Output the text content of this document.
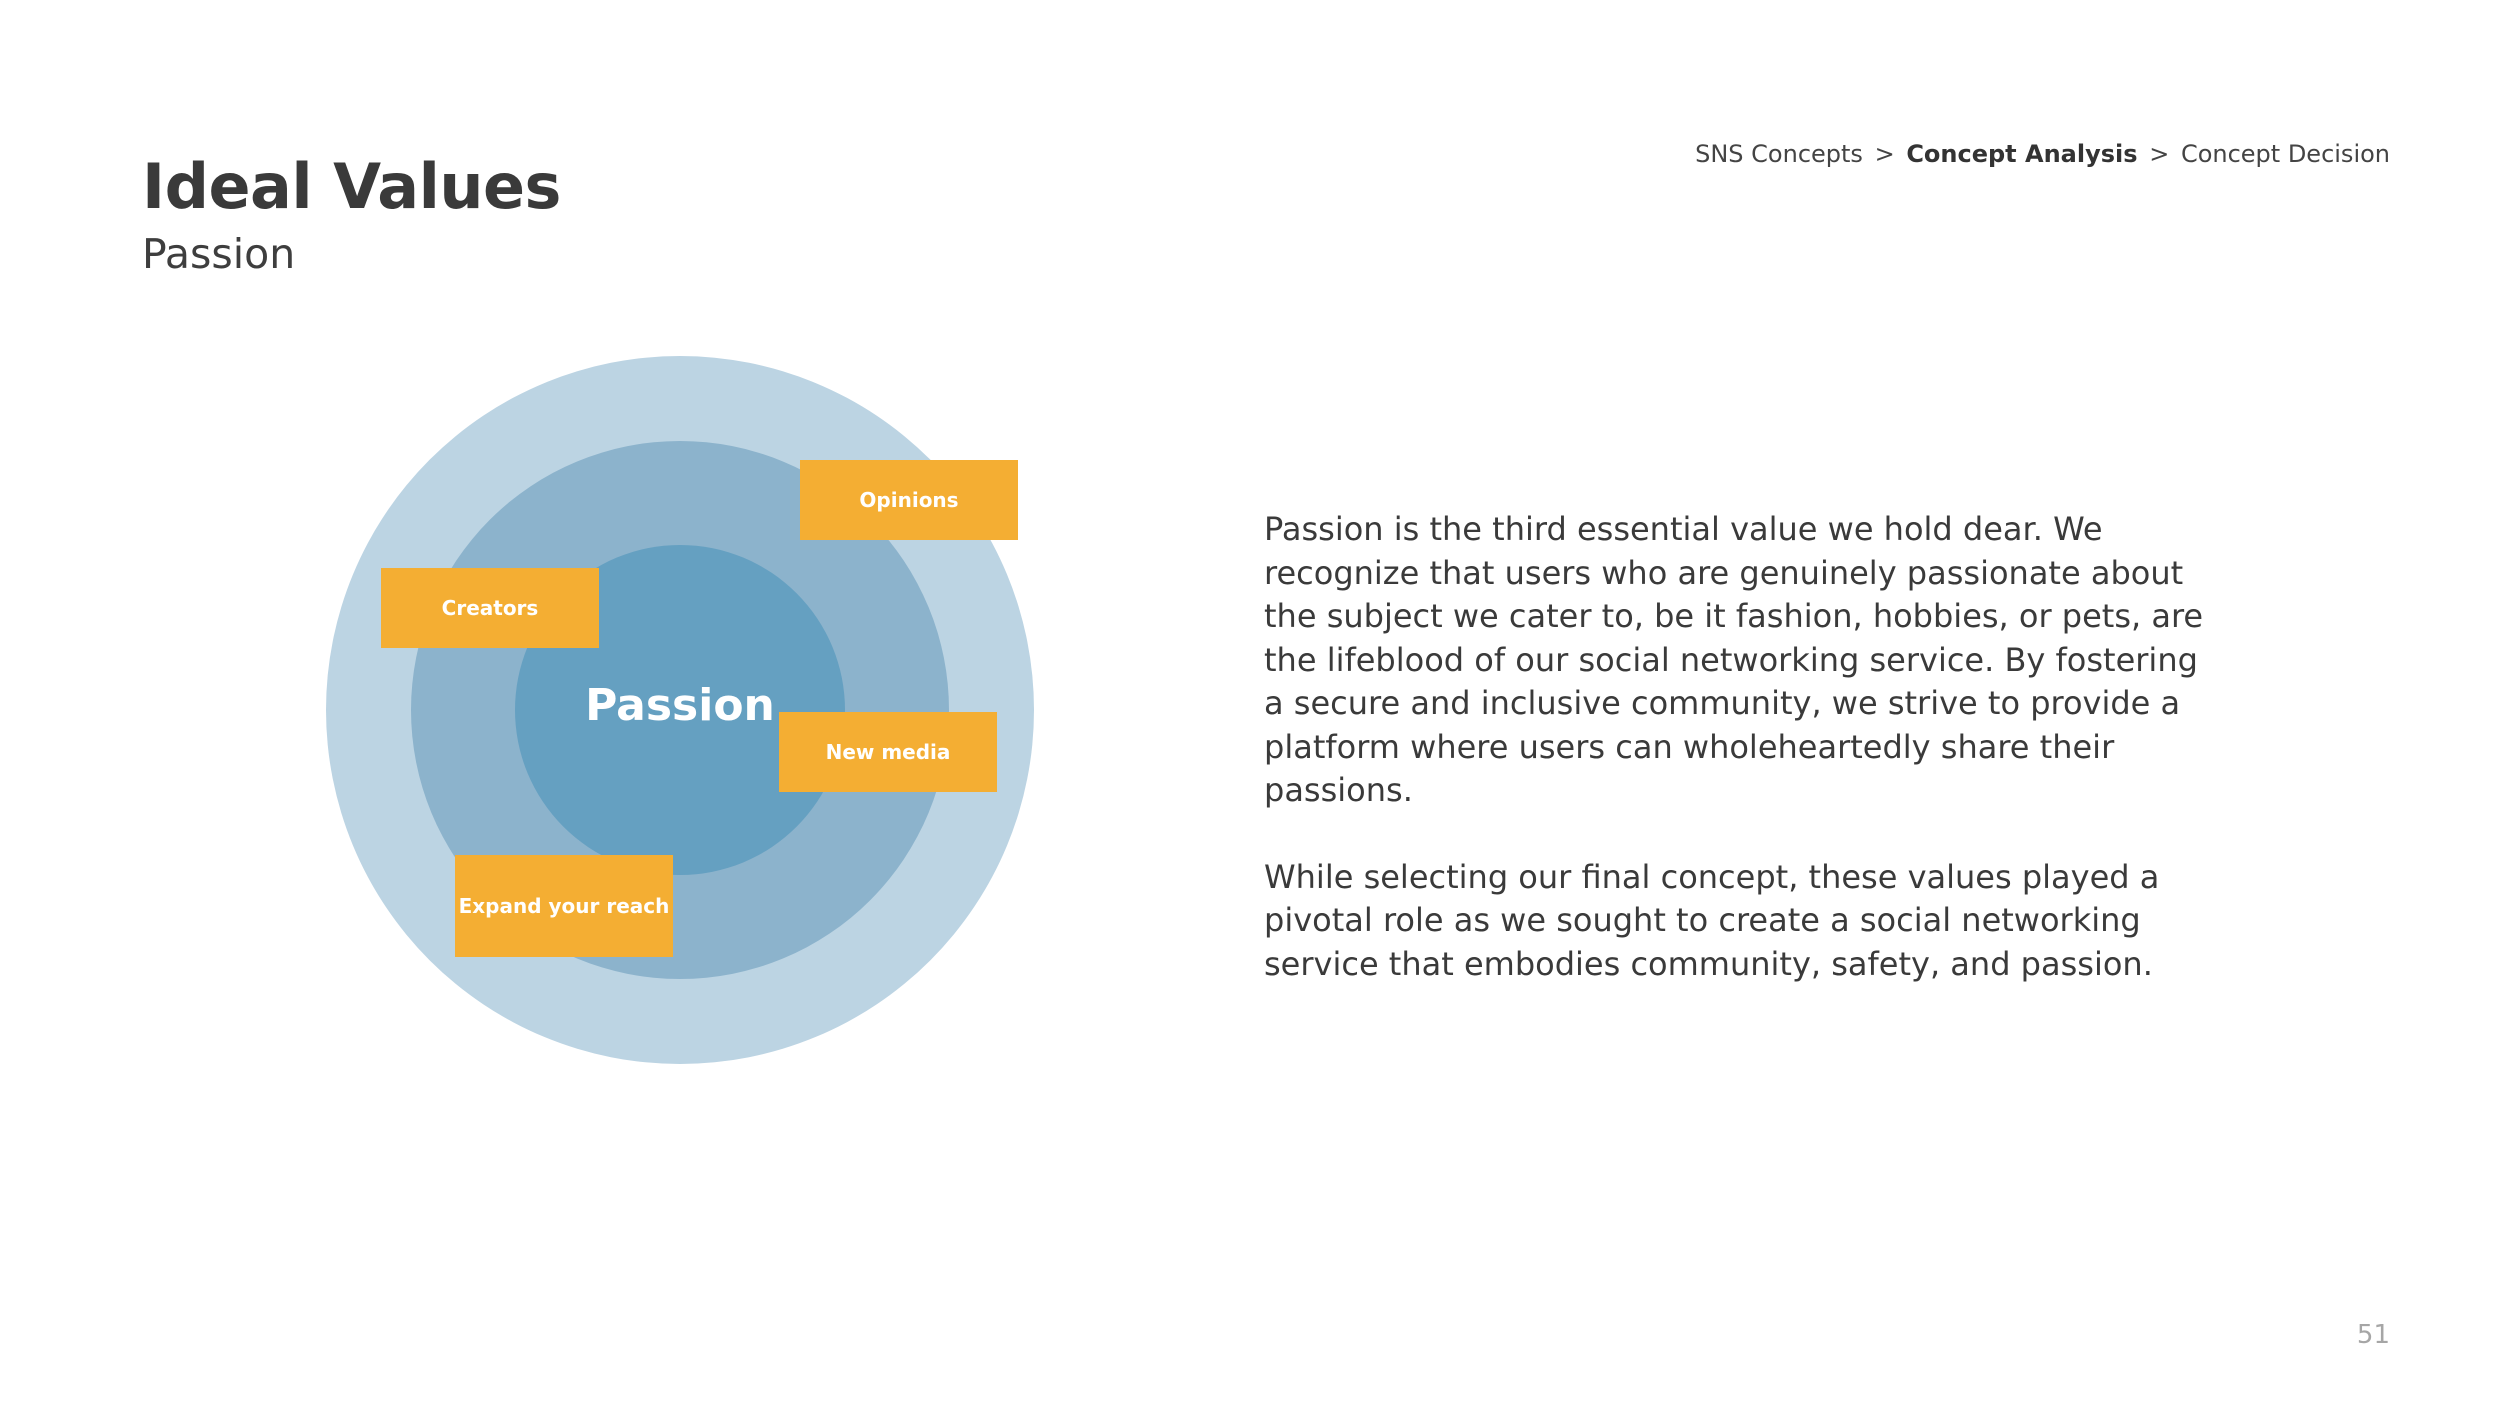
Ideal Values
Passion
SNS Concepts > Concept Analysis > Concept Decision
Passion
Opinions
Creators
New media
Expand your reach

Passion is the third essential value we hold dear. We recognize that users who are genuinely passionate about the subject we cater to, be it fashion, hobbies, or pets, are the lifeblood of our social networking service. By fostering a secure and inclusive community, we strive to provide a platform where users can wholeheartedly share their passions.

While selecting our final concept, these values played a pivotal role as we sought to create a social networking service that embodies community, safety, and passion.

51
